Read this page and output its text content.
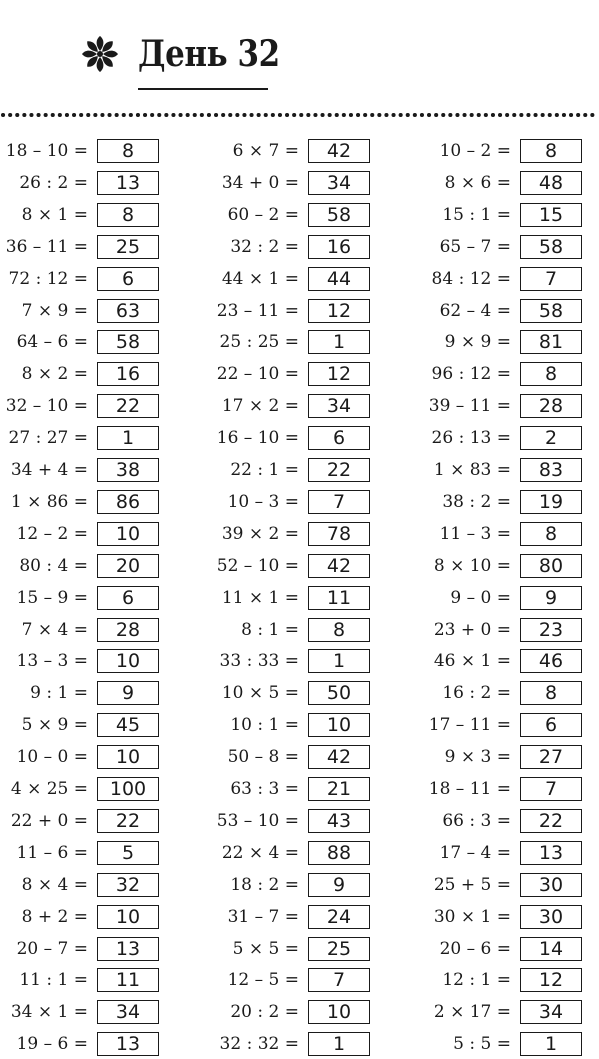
День 32
18 – 10 =	8	6 × 7 =	42	10 – 2 =	8
26 : 2 =	13	34 + 0 =	34	8 × 6 =	48
8 × 1 =	8	60 – 2 =	58	15 : 1 =	15
36 – 11 =	25	32 : 2 =	16	65 – 7 =	58
72 : 12 =	6	44 × 1 =	44	84 : 12 =	7
7 × 9 =	63	23 – 11 =	12	62 – 4 =	58
64 – 6 =	58	25 : 25 =	1	9 × 9 =	81
8 × 2 =	16	22 – 10 =	12	96 : 12 =	8
32 – 10 =	22	17 × 2 =	34	39 – 11 =	28
27 : 27 =	1	16 – 10 =	6	26 : 13 =	2
34 + 4 =	38	22 : 1 =	22	1 × 83 =	83
1 × 86 =	86	10 – 3 =	7	38 : 2 =	19
12 – 2 =	10	39 × 2 =	78	11 – 3 =	8
80 : 4 =	20	52 – 10 =	42	8 × 10 =	80
15 – 9 =	6	11 × 1 =	11	9 – 0 =	9
7 × 4 =	28	8 : 1 =	8	23 + 0 =	23
13 – 3 =	10	33 : 33 =	1	46 × 1 =	46
9 : 1 =	9	10 × 5 =	50	16 : 2 =	8
5 × 9 =	45	10 : 1 =	10	17 – 11 =	6
10 – 0 =	10	50 – 8 =	42	9 × 3 =	27
4 × 25 =	100	63 : 3 =	21	18 – 11 =	7
22 + 0 =	22	53 – 10 =	43	66 : 3 =	22
11 – 6 =	5	22 × 4 =	88	17 – 4 =	13
8 × 4 =	32	18 : 2 =	9	25 + 5 =	30
8 + 2 =	10	31 – 7 =	24	30 × 1 =	30
20 – 7 =	13	5 × 5 =	25	20 – 6 =	14
11 : 1 =	11	12 – 5 =	7	12 : 1 =	12
34 × 1 =	34	20 : 2 =	10	2 × 17 =	34
19 – 6 =	13	32 : 32 =	1	5 : 5 =	1
